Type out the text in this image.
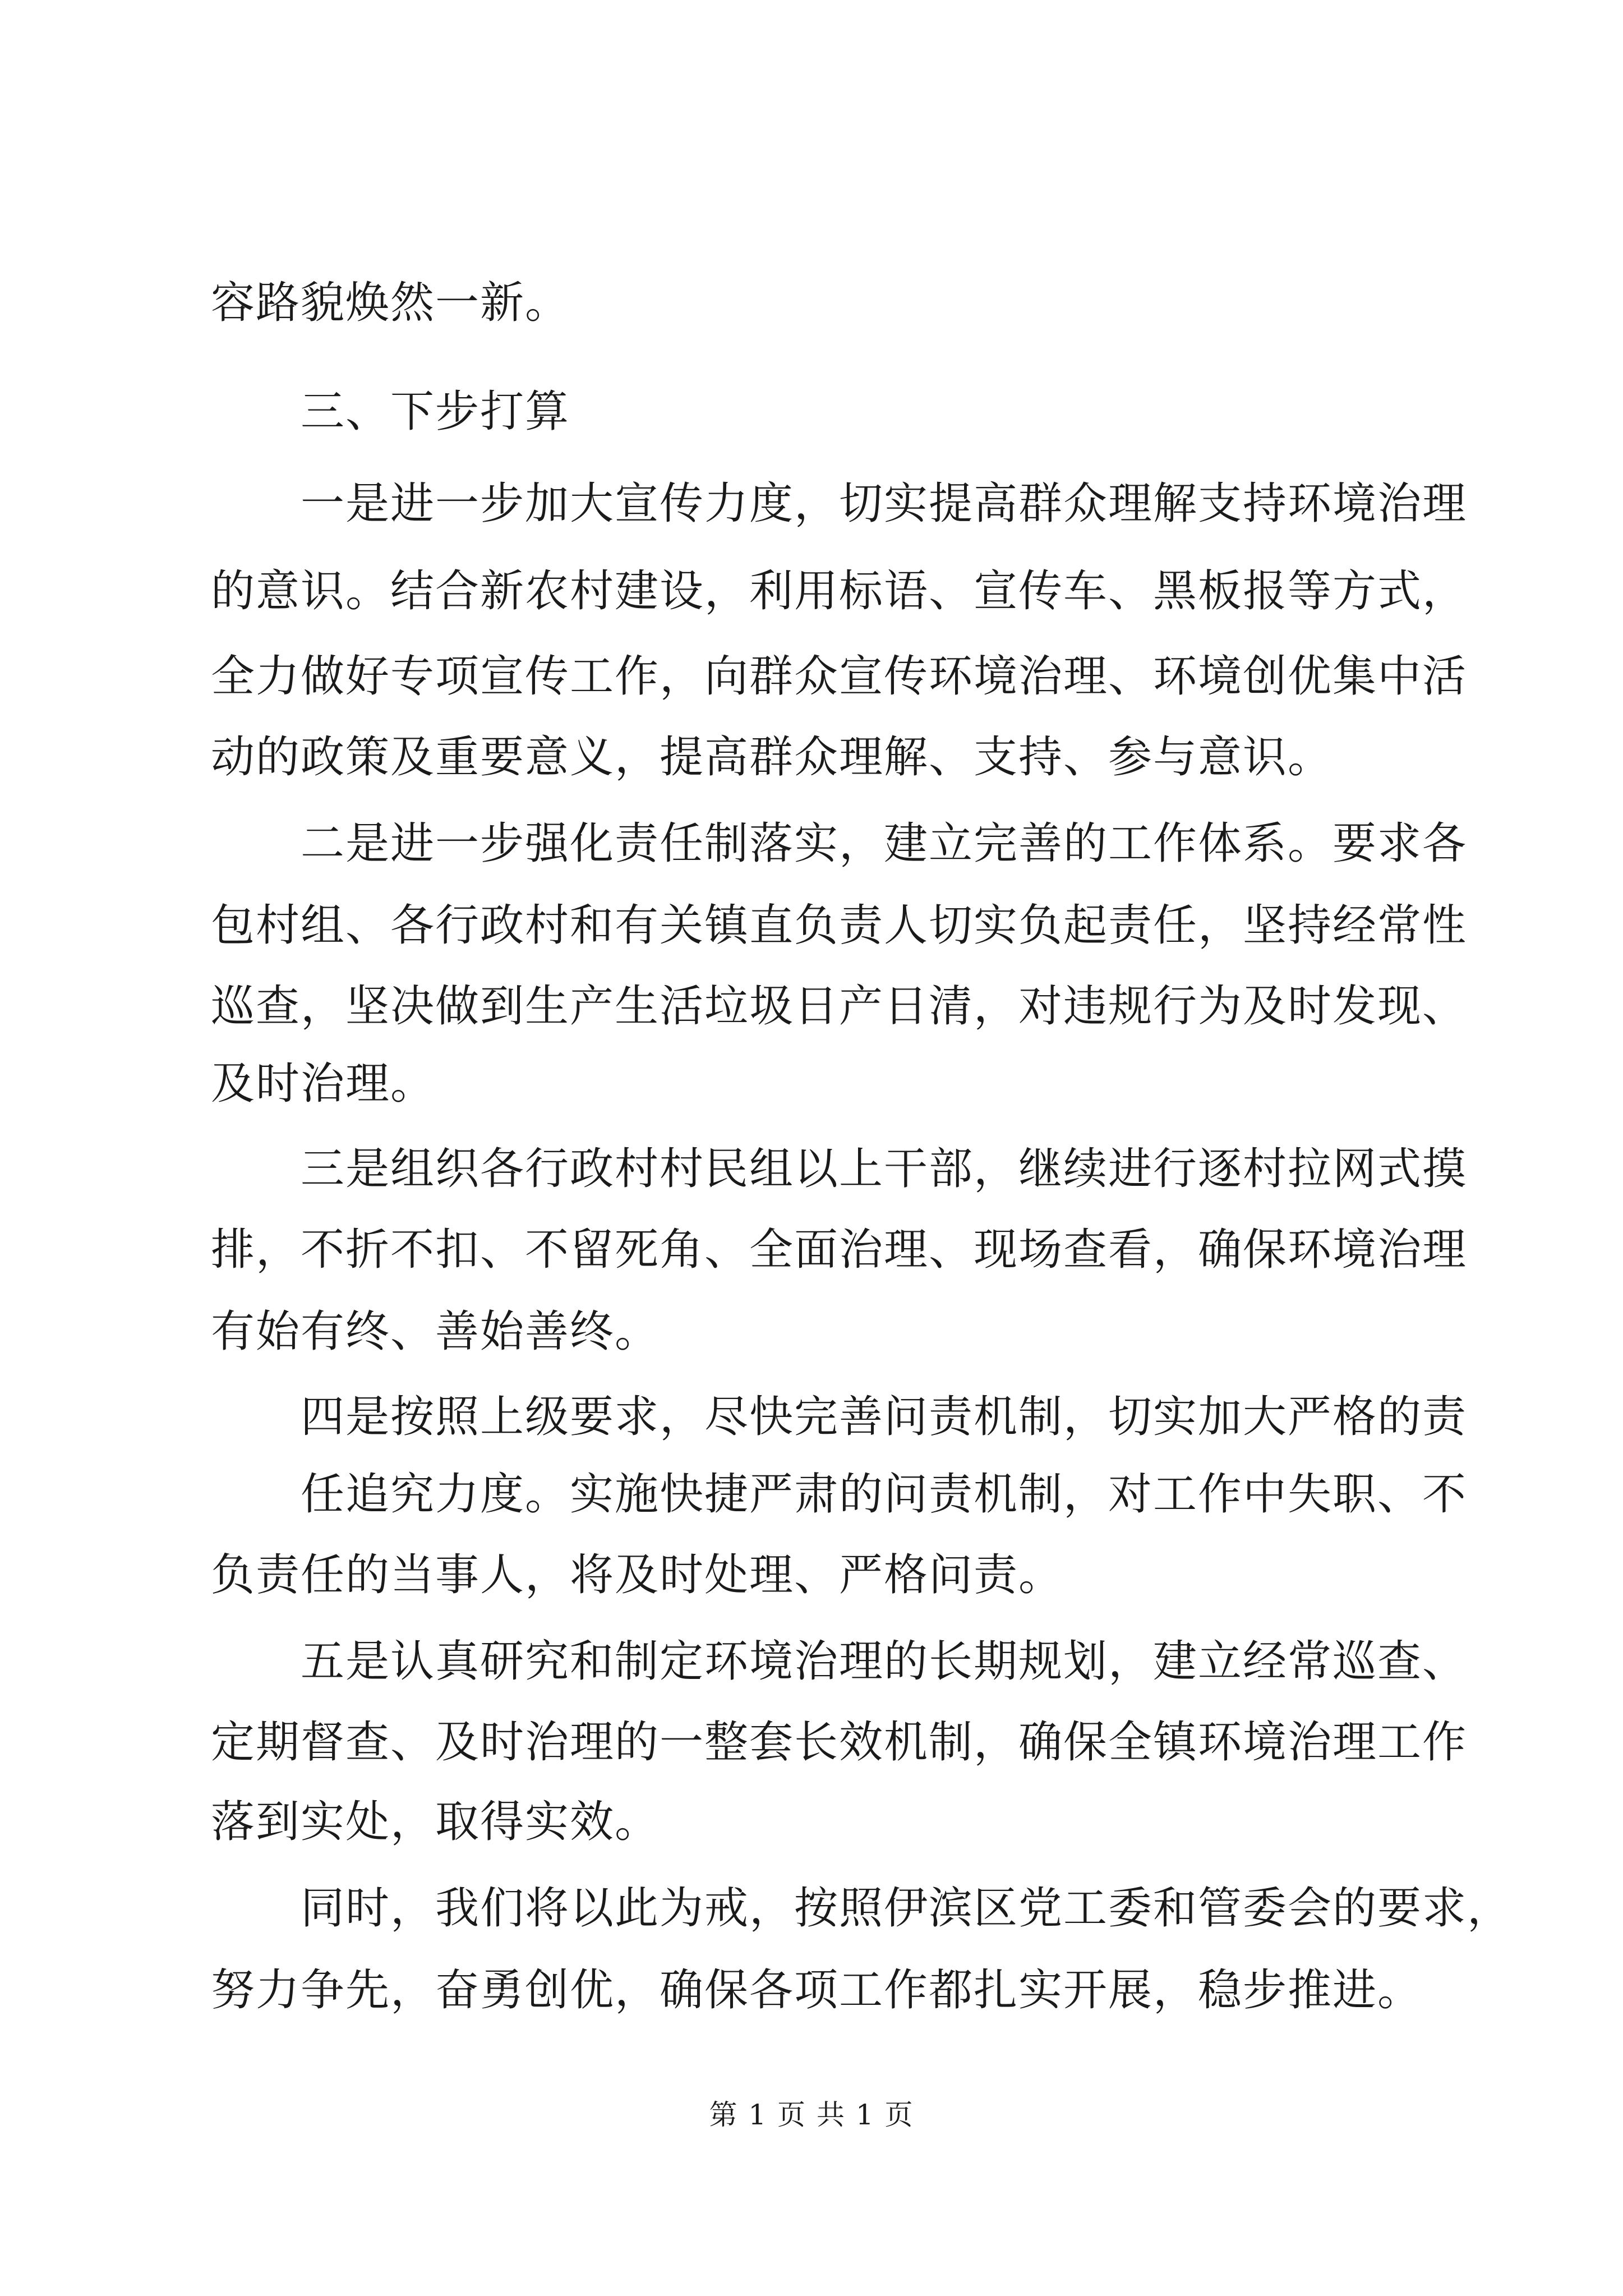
容路貌焕然一新。
三、下步打算
一是进一步加大宣传力度，切实提高群众理解支持环境治理
的意识。结合新农村建设，利用标语、宣传车、黑板报等方式，
全力做好专项宣传工作，向群众宣传环境治理、环境创优集中活
动的政策及重要意义，提高群众理解、支持、参与意识。
二是进一步强化责任制落实，建立完善的工作体系。要求各
包村组、各行政村和有关镇直负责人切实负起责任，坚持经常性
巡查，坚决做到生产生活垃圾日产日清，对违规行为及时发现、
及时治理。
三是组织各行政村村民组以上干部，继续进行逐村拉网式摸
排，不折不扣、不留死角、全面治理、现场查看，确保环境治理
有始有终、善始善终。
四是按照上级要求，尽快完善问责机制，切实加大严格的责
任追究力度。实施快捷严肃的问责机制，对工作中失职、不
负责任的当事人，将及时处理、严格问责。
五是认真研究和制定环境治理的长期规划，建立经常巡查、
定期督查、及时治理的一整套长效机制，确保全镇环境治理工作
落到实处，取得实效。
同时，我们将以此为戒，按照伊滨区党工委和管委会的要求，
努力争先，奋勇创优，确保各项工作都扎实开展，稳步推进。
第 1 页 共 1 页
